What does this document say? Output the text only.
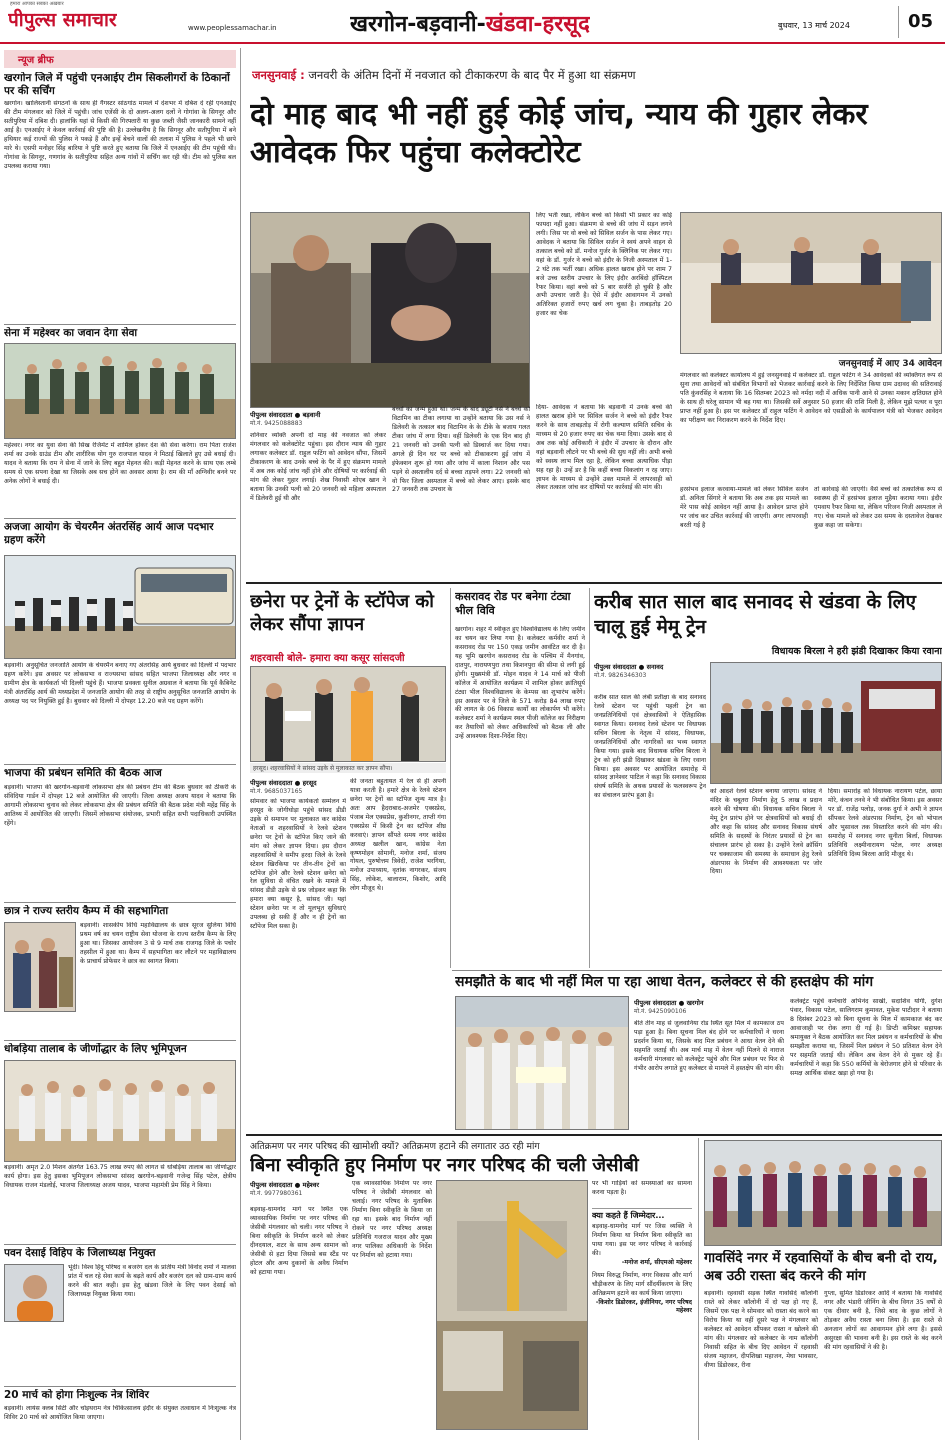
पीपुल्स समाचार
हमारा आपका सबका अख़बार
www.peoplessamachar.in	खरगोन-बड़वानी-खंडवा-हरसूद	बुधवार, 13 मार्च 2024	05
न्यूज ब्रीफ
खरगोन जिले में पहुंची एनआईए टीम सिकलीगरों के ठिकानों पर की सर्चिंग
खरगोन। खालिस्तानी संगठनों के साथ ही गैंगस्टर सांठगांठ मामले में देशभर में दबिश दे रही एनआईए की टीम मंगलवार को जिले में पहुंची। जांच एजेंसी के दो अलग-अलग दलों ने गोगांवा के सिगनूर और सतीपुरिया में दबिश दी। हालांकि यहां से किसी की गिरफ्तारी या कुछ जब्ती जैसी जानकारी सामने नहीं आई है। एनआईए ने केवल कार्रवाई की पुष्टि की है। उल्लेखनीय है कि सिगनूर और सतीपुरिया में बने हथियार कई राज्यों की पुलिस ने पकड़े हैं और इन्हें बेचने वालों की तलाश में पुलिस ने पहले भी छापे मारे थे। एसपी मनोहर सिंह बारिया ने पुष्टि करते हुए बताया कि जिले में एनआईए की टीम पहुंची थी। गोगांवा के सिगनूर, गणगांव के सतीपुरिया सहित अन्य गांवों में सर्चिंग कर रही थी। टीम को पुलिस बल उपलब्ध कराया गया।
सेना में महेश्वर का जवान देगा सेवा
महेश्वर। नगर का युवा सेना की सिख रेजिमेंट में शामिल होकर देश की सेवा करेगा। राम पिता राजेश शर्मा का उनके ग्राउंड टीम और शारीरिक योग गुरु राजपाल यादव ने मिठाई खिलाते हुए उसे बधाई दी। यादव ने बताया कि राम ने सेना में जाने के लिए बहुत मेहनत की। कड़ी मेहनत करने के साथ एक लम्बे समय से एक सपना देखा था जिसके अब सच होने का अवसर आया है। राम की माँ अग्निवीर बनने पर अनेक लोगों ने बधाई दी।
अजजा आयोग के चेयरमैन अंतरसिंह आर्य आज पदभार ग्रहण करेंगे
बड़वानी। अनुसूचित जनजाति आयोग के चेयरमैन बनाए गए अंतरसिंह आर्य बुधवार को दिल्ली में पदभार ग्रहण करेंगे। इस अवसर पर लोकसभा व राज्यसभा सांसद सहित भाजपा जिलाध्यक्ष और नगर व ग्रामीण क्षेत्र के कार्यकर्ता भी दिल्ली पहुंचे हैं। भाजपा प्रवक्ता सुनील अग्रवाल ने बताया कि पूर्व कैबिनेट मंत्री अंतरसिंह आर्य की मध्यप्रदेश में जनजाति आयोग की तरह से राष्ट्रीय अनुसूचित जनजाति आयोग के अध्यक्ष पद पर नियुक्ति हुई है। बुधवार को दिल्ली में दोपहर 12.20 बजे पद ग्रहण करेंगे।
भाजपा की प्रबंधन समिति की बैठक आज
बड़वानी। भाजपा की खरगोन-बड़वानी लोकसभा क्षेत्र की प्रबंधन टीम की बैठक बुधवार को ठीकरी के संविदिया गार्डन में दोपहर 12 बजे आयोजित की जाएगी। जिला अध्यक्ष अजय यादव ने बताया कि आगामी लोकसभा चुनाव को लेकर लोकसभा क्षेत्र की प्रबंधन समिति की बैठक प्रदेश मंत्री महेंद्र सिंह के आतिथ्य में आयोजित की जाएगी। जिसमें लोकसभा संयोजक, प्रभारी सहित सभी पदाधिकारी उपस्थित रहेंगे।
छात्र ने राज्य स्तरीय कैम्प में की सहभागिता
बड़वानी। शासकीय विधि महाविद्यालय के छात्र सूरज सुलिया विधि प्रथम वर्ष का चयन राष्ट्रीय सेवा योजना के राज्य स्तरीय कैम्प के लिए हुआ था। जिसका आयोजन 3 से 9 मार्च तक राजगढ़ जिले के पचोर तहसील में हुआ था। कैम्प में सहभागिता कर लौटने पर महाविद्यालय के प्राचार्य प्रोफेसर ने छात्र का स्वागत किया।
धोबड़िया तालाब के जीर्णोद्धार के लिए भूमिपूजन
बड़वानी। अमृत 2.0 मिशन अंतर्गत 163.75 लाख रुपए की लागत से धोबड़िया तालाब का जीर्णोद्धार कार्य होगा। इस हेतु इसका भूमिपूजन लोकसभा सांसद खरगोन-बड़वानी गजेन्द्र सिंह पटेल, क्षेत्रीय विधायक राजन मंडलोई, भाजपा जिलाध्यक्ष अजय यादव, भाजपा महामंत्री प्रेम सिंह ने किया।
पवन देसाई विहिप के जिलाध्यक्ष नियुक्त
भूंदी। विश्व हिंदू परिषद व बजरंग दल के प्रांतीय मंत्री विनोद शर्मा ने मालवा प्रांत में चल रहे सेवा कार्य के बढ़ते कार्य और बजरंग दल को ग्राम-ग्राम कार्य करने की बात कही। इस हेतु खंडवा जिले के लिए पवन देसाई को जिलाध्यक्ष नियुक्त किया गया।
20 मार्च को होगा निःशुल्क नेत्र शिविर
बड़वानी। लायंस क्लब सिटी और चोइथराम नेत्र चिकित्सालय इंदौर के संयुक्त तत्वाधान में निःशुल्क नेत्र शिविर 20 मार्च को आयोजित किया जाएगा।
जनसुनवाई : जनवरी के अंतिम दिनों में नवजात को टीकाकरण के बाद पैर में हुआ था संक्रमण
दो माह बाद भी नहीं हुई कोई जांच, न्याय की गुहार लेकर आवेदक फिर पहुंचा कलेक्टोरेट
पीपुल्स संवाददाता ● बड़वानी
मो.नं. 9425088883
शनिवार व्यक्ति अपनी दो माह की नवजात को लेकर मंगलवार को कलेक्टोरेट पहुंचा। इस दौरान न्याय की गुहार लगाकर कलेक्टर डॉ. राहुल फटिंग को आवेदन सौंपा, जिसमें टीकाकरण के बाद उनके बच्चे के पैर में हुए संक्रमण मामले में अब तक कोई जांच नहीं होने और दोषियों पर कार्रवाई की मांग की लेकर गुहार लगाई। शेख निवासी शोएब खान ने बताया कि उनकी पत्नी को 20 जनवरी को महिला अस्पताल में डिलेवरी हुई थी और
बच्चों का जन्म हुआ था। जन्म के बाद ड्यूटी नर्स ने बच्चे को विटामिन का टीका लगाया था उन्होंने बताया कि उस नर्स ने डिलेवरी के तत्काल बाद विटामिन के के टीके के बजाय गलत टीका जांघ में लगा दिया। वहीं डिलेवरी के एक दिन बाद ही 21 जनवरी को उनकी पत्नी को डिस्चार्ज कर दिया गया। अगले ही दिन घर पर बच्चे को टीकाकरण हुई जांघ में इंफेक्शन शुरू हो गया और जांघ में काला निशान और पस पड़ने से अस्तालीय दर्द से बच्चा तड़पने लगा। 22 जनवरी को वो फिर जिला अस्पताल में बच्चे को लेकर आए। इसके बाद 27 जनवरी तक उपचार के
लिए भर्ती रखा, लेकिन बच्चे को किसी भी प्रकार का कोई फायदा नहीं हुआ। संक्रमण से बच्चे की जांघ में सड़न लगने लगी। जिस पर वो बच्चे को सिविल सर्जन के पास लेकर गए। आवेदक ने बताया कि सिविल सर्जन ने स्वयं अपने वाहन से तत्काल बच्चे को डॉ. मनोज गुर्जर के क्लिनिक पर लेकर गए। वहां के डॉ. गुर्जर ने बच्चे को इंदौर के निजी अस्पताल में 1-2 घंटे तक भर्ती रखा। अधिक हालत खराब होने पर शाम 7 बजे उच्च स्तरीय उपचार के लिए इंदौर अरबिंदो हॉस्पिटल रैफर किया। वहां बच्चे को 5 बार सर्जरी हो चुकी है और अभी उपचार जारी है। ऐसे में इंदौर आवागमन में उनको अतिरिक्त हजारों रुपए खर्च लग चुका है। ताबड़तोड़ 20 हजार का चेक
दिया- आवेदक ने बताया कि बड़वानी में उनके बच्चे की हालत खराब होने पर सिविल सर्जन ने बच्चे को इंदौर रैफर करने के साथ ताबड़तोड़ में रोगी कल्याण समिति सचिव के माध्यम से 20 हजार रुपए का चेक थमा दिया। उसके बाद से अब तक कोई अधिकारी ने इंदौर में उपचार के दौरान और वहां बड़वानी लौटने पर भी बच्चे की सुध नहीं ली। अभी बच्चे को स्वस्थ लाभ मिल रहा है, लेकिन बच्चा अत्याधिक पीड़ा सह रहा है। उन्हें डर है कि कहीं बच्चा विकलांग न रह जाए। ज्ञापन के माध्यम से उन्होंने उक्त मामले में लापरवाही को लेकर तत्काल जांच कर दोषियों पर कार्रवाई की मांग की।
जनसुनवाई में आए 34 आवेदन
मंगलवार को कलेक्टर कार्यालय में हुई जनसुनवाई में कलेक्टर डॉ. राहुल फटिंग ने 34 आवेदकों की व्यक्तिगत रूप से सुना तथा आवेदनों को संबंधित विभागों को भेजकर कार्रवाई करने के लिए निर्देशित किया ग्राम उदावद की सतिरावाई पति कुंवरसिंह ने बताया कि 16 सितम्बर 2023 को नर्मदा नदी में अधिक पानी आने से उनका मकान क्षतिग्रस्त होने के साथ ही घरेलू सामान भी बह गया था। जिसकी सर्वे अनुसार 50 हजार की राशि मिली है, लेकिन मुझे पत्थर व पूरा प्राप्त नहीं हुआ है। इस पर कलेक्टर डॉ राहुल फटिंग ने आवेदन को एसडीओ के कार्यपालन यंत्री को भेजकर आवेदन का परीक्षण कर निराकरण करने के निर्देश दिए।
हरसंभव इलाज करवाया-मामले को लेकर सिविल सर्जन डॉ. अनिता सिंगारे ने बताया कि अब तक इस मामले का मेरे पास कोई आवेदन नहीं आया है। आवेदन प्राप्त होने पर जांच कर उचित कार्रवाई की जाएगी। अगर लापरवाही बरती गई है
तो कार्रवाई की जाएगी। वैसे बच्चे को तत्कालिक रूप से स्वास्थ्य ही में हरसंभव इलाज मुहैया कराया गया। इंदौर एमवाय रैफर किया था, लेकिन परिजन निजी अस्पताल ले गए। चेक मामले को लेकर उस समय के दस्तावेज देखकर कुछ कहा जा सकेगा।
छनेरा पर ट्रेनों के स्टॉपेज को लेकर सौंपा ज्ञापन
शहरवासी बोले- हमारा क्या कसूर सांसदजी
हरसूद। शहरवासियों ने सांसद उइके से मुलाकात कर ज्ञापन सौंपा।
पीपुल्स संवाददाता ● हरसूद
मो.नं. 9685037165
सोमवार को भाजपा कार्यकर्ता सम्मेलन में हरसूद के जोगीघोड़ा पहुंचे सांसद डीडी उइके से समापन पर मुलाकात कर कांग्रेस नेताओं व शहरवासियों ने रेलवे स्टेशन छनेरा पर ट्रेनों के स्टॉपेज किए जाने की मांग को लेकर ज्ञापन दिया। इस दौरान शहरवासियों ने समीप हरदा जिले के रेलवे स्टेशन खिरकिया पर तीन-तीन ट्रेनों का स्टॉपेज होने और रेलवे स्टेशन छनेरा को रेल सुविधा से वंचित रखने के मामले में सांसद डीडी उइके से प्रश्न जोड़कर कहा कि हमारा क्या कसूर है, सांसद जी। यहां स्टेशन छनेरा पर न तो मूलभूत सुविधाएं उपलब्ध हो सकी हैं और न ही ट्रेनों का स्टॉपेज मिल सका है।
की जनता बहुतायत में रेल से ही अपनी यात्रा करती है। हमारे क्षेत्र के रेलवे स्टेशन छनेरा पर ट्रेनों का स्टॉपेज शून्य मात्र है। अतः आप हैदराबाद-अजमेर एक्सप्रेस, पंजाब मेल एक्सप्रेस, कुशीनगर, ताप्ती गंगा एक्सप्रेस में किसी ट्रेन का स्टॉपेज शीघ्र करवाएं। ज्ञापन सौंपते समय नगर कांग्रेस अध्यक्ष खलील खान, कांग्रेस नेता कृष्णमोहन सोमानी, मनोज शर्मा, संजय गोयल, पुरुषोत्तम त्रिवेदी, राजेश भरगिया, मनोज उपाध्याय, वृतांक नागरकर, संजय सिंह, लोकेश, बालाराम, किशोर, आदि लोग मौजूद थे।
कसरावद रोड पर बनेगा टंट्या भील विवि
खरगोन। शहर में स्वीकृत हुए विश्वविद्यालय के लिए जमीन का चयन कर लिया गया है। कलेक्टर कर्मवीर शर्मा ने कसरावद रोड पर 150 एकड़ जमीन आवंटित कर दी है। यह भूमि खरगोन कसरावद रोड के पश्चिम में मैनगांव, दातपुर, नारायणपुरा तथा किशनपुरा की सीमा से लगी हुई होगी। मुख्यमंत्री डॉ. मोहन यादव ने 14 मार्च को पीजी कॉलेज में आयोजित कार्यक्रम में शामिल होकर क्रांतिसूर्य टंट्या भील विश्वविद्यालय के केम्पस का शुभारंभ करेंगे। इस अवसर पर वे जिले के 571 करोड़ 84 लाख रुपए की लागत के 06 विकास कार्यों का लोकार्पण भी करेंगे। कलेक्टर शर्मा ने कार्यक्रम स्थल पीजी कॉलेज का निरीक्षण कर तैयारियों को लेकर अधिकारियों को बैठक ली और उन्हें आवश्यक दिशा-निर्देश दिए।
करीब सात साल बाद सनावद से खंडवा के लिए चालू हुई मेमू ट्रेन
विधायक बिरला ने हरी झंडी दिखाकर किया रवाना
पीपुल्स संवाददाता ● सनावद
मो.नं. 9826346303
करीब सात साल की लंबी प्रतीक्षा के बाद सनावद रेलवे स्टेशन पर पहुंची पहली ट्रेन का जनप्रतिनिधियों एवं क्षेत्रवासियों ने ऐतिहासिक स्वागत किया। सनावद रेलवे स्टेशन पर विधायक सचिन बिरला के नेतृत्व में सांसद, विधायक, जनप्रतिनिधियों और नागरिकों का भव्य स्वागत किया गया। इसके बाद विधायक सचिन बिरला ने ट्रेन को हरी झंडी दिखाकर खंडवा के लिए रवाना किया। इस अवसर पर आयोजित समारोह में सांसद ज्ञानेश्वर पाटिल ने कहा कि सनावद विकास संघर्ष समिति के अथक प्रयासों के फलस्वरूप ट्रेन का संचालन प्रारंभ हुआ है।
को आदर्श रेलवे स्टेशन बनाया जाएगा। सांसद ने मंदिर के चबूतरा निर्माण हेतु 5 लाख व प्रदान करने की घोषणा की। विधायक सचिन बिरला ने मेमू ट्रेन प्रारंभ होने पर क्षेत्रवासियों को बधाई दी और कहा कि सांसद और सनावद विकास संघर्ष समिति के सदस्यों के निरंतर प्रयासों से ट्रेन का संचालन प्रारंभ हो सका है। उन्होंने रेलवे क्रॉसिंग पर चक्काजाम की समस्या के समाधान हेतु रेलवे अंडरपास के निर्माण की आवश्यकता पर जोर दिया।
दिया। समारोह को विधायक नारायण पटेल, छाया मोरे, कंचन तनवे ने भी संबोधित किया। इस अवसर पर डॉ. राजेंद्र पलोड़, जनक दुर्गा ने अभी ने ज्ञापन सौंपकर रेलवे अंडरपास निर्माण, ट्रेन को भोपाल और भुसावल तक विस्तारित करने की मांग की। समारोह में सनावद नगर सुनीता बिर्ला, विधायक प्रतिनिधि लक्ष्मीनारायण पटेल, नगर अध्यक्ष प्रतिनिधि दिव्य बिरला आदि मौजूद थे।
समझौते के बाद भी नहीं मिल पा रहा आधा वेतन, कलेक्टर से की हस्तक्षेप की मांग
पीपुल्स संवाददाता ● खरगोन
मो.नं. 9425090106
बीते तीन माह से जुलवानिया रोड स्थित सूत मिल में कामकाज ठप पड़ा हुआ है। बिना सूचना मिल बंद होने पर कर्मचारियों ने धरना प्रदर्शन किया था, जिसके बाद मिल प्रबंधन ने आधा वेतन देने की सहमति जताई थी। अब मार्च माह में वेतन नहीं मिलने से नाराज कर्मचारी मंगलवार को कलेक्ट्रेट पहुंचे और मिल प्रबंधन पर फिर से गंभीर आरोप लगाते हुए कलेक्टर से मामले में हस्तक्षेप की मांग की।
कलेक्ट्रेट पहुंचे कर्मचारी अभिनंद साखी, सदाशिव योगी, दुर्गेश पंवार, विकास पटेल, सालिगराम कुमावत, मुकेश पाटीदार ने बताया 8 दिसंबर 2023 को बिना सूचना के मिल में कामकाज बंद कर आवाजाही पर रोक लगा दी गई है। डिप्टी कमिश्नर सहायक श्रमायुक्त ने बैठक आयोजित कर मिल प्रबंधन व कर्मचारियों के बीच समझौता कराया था, जिसमें मिल प्रबंधन ने 50 प्रतिशत वेतन देने पर सहमति जताई थी। लेकिन अब वेतन देने से मुकर रहे हैं। कर्मचारियों ने कहा कि 550 कर्मियों के बेरोजगार होने से परिवार के समक्ष आर्थिक संकट खड़ा हो गया है।
अतिक्रमण पर नगर परिषद की खामोशी क्यों? अतिक्रमण हटाने की लगातार उठ रही मांग
बिना स्वीकृति हुए निर्माण पर नगर परिषद की चली जेसीबी
पीपुल्स संवाददाता ● महेश्वर
मो.नं. 9977980361
बड़वाह-धामनोद मार्ग पर स्थित एक व्यावसायिक निर्माण पर नगर परिषद की जेसीबी मंगलवार को चली। नगर परिषद ने बिना स्वीकृति के निर्माण करने को लेकर दीनदयाल, शटर के साथ अन्य सामान को जेसीबी से हटा दिया जिससे बस स्टैंड पर होटल और अन्य दुकानों के अवैध निर्माण को हटाया गया।
एक व्यावसायिक निर्माण पर नगर परिषद ने जेसीबी मंगलवार को चलाई। नगर परिषद के मुताबिक निर्माण बिना स्वीकृति के किया जा रहा था। इसके बाद निर्माण नहीं रोकने पर नगर परिषद अध्यक्ष प्रतिनिधि गजराज यादव और मुख्य नगर पालिका अधिकारी के निर्देश पर निर्माण को हटाया गया।
पर भी गाड़ियों को समस्याओं का सामना करना पड़ता है।
क्या कहते हैं जिम्मेदार...
बड़वाह-धामनोद मार्ग पर जिस व्यक्ति ने निर्माण किया था निर्माण बिना स्वीकृति का पाया गया। इस पर नगर परिषद ने कार्रवाई की।
-मनोज शर्मा, सीएमओ महेश्वर
नियम विरुद्ध निर्माण, नगर विकास और मार्ग चौड़ीकरण के लिए मार्ग सौंदर्यीकरण के लिए अतिक्रमण हटाने का कार्य किया जाएगा।
-किशोर डिडोरकर, इंजीनियर, नगर परिषद महेश्वर
गावसिंदे नगर में रहवासियों के बीच बनी दो राय, अब उठी रास्ता बंद करने की मांग
बड़वानी। रहवासी सड़क स्थित गावसिंदे कॉलोनी रास्ते को लेकर कॉलोनी में दो पक्ष हो गए हैं, जिसमें एक पक्ष ने सोमवार को रास्ता बंद करने का विरोध किया था वहीं दूसरे पक्ष ने मंगलवार को कलेक्टर को आवेदन सौंपकर रास्ता न खोलने की मांग की। मंगलवार को कलेक्टर के नाम कॉलोनी निवासी सहित के बीच दिए आवेदन में रहवासी संजय महाजन, दीपशिखा महाजन, मेघा भावसार, वीणा डिंडोरकर, रीना
गुप्ता, सुमित डिंडोरकर आदि ने बताया कि गावसिंदे नगर और भंडारी जीनिंग के बीच विगत 35 वर्षों से एक दीवार बनी है, जिसे बाद के कुछ लोगों ने तोड़कर अवैध रास्ता बना लिया है। इस रास्ते से अनजान लोगों का आवागमन होने लगा है। इससे असुरक्षा की भावना बनी है। इस रास्ते के बंद करने की मांग रहवासियों ने की है।
